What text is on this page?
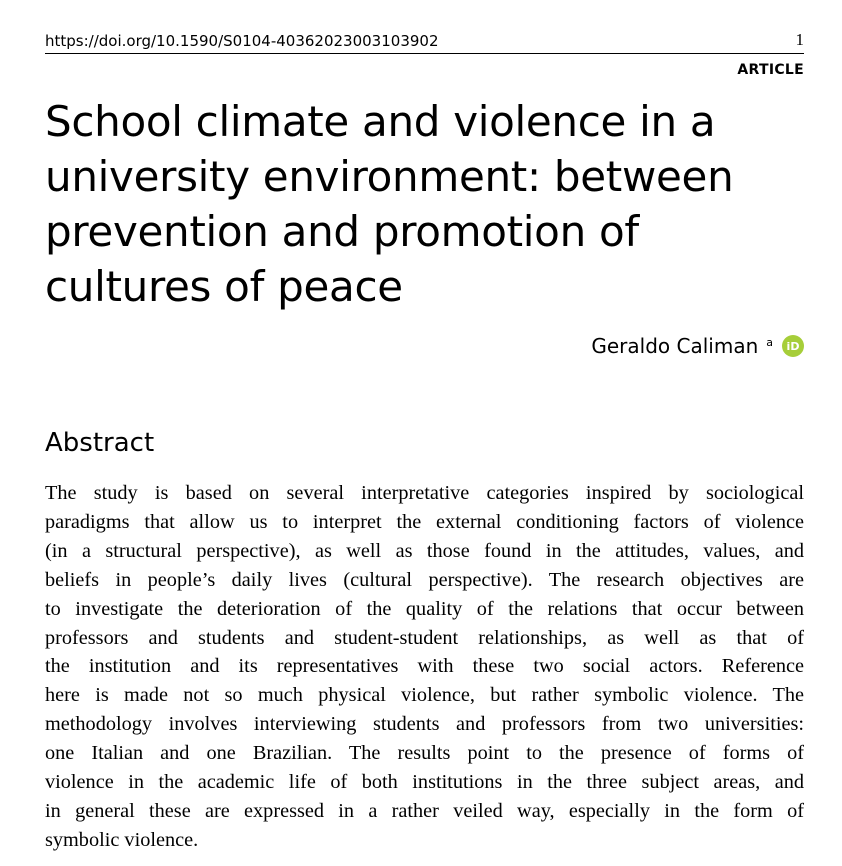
https://doi.org/10.1590/S0104-40362023003103902	1
ARTICLE
School climate and violence in a university environment: between prevention and promotion of cultures of peace
Geraldo Caliman $^a$ iD
Abstract

The study is based on several interpretative categories inspired by sociological
paradigms that allow us to interpret the external conditioning factors of violence
(in a structural perspective), as well as those found in the attitudes, values, and
beliefs in people’s daily lives (cultural perspective). The research objectives are
to investigate the deterioration of the quality of the relations that occur between
professors and students and student-student relationships, as well as that of
the institution and its representatives with these two social actors. Reference
here is made not so much physical violence, but rather symbolic violence. The
methodology involves interviewing students and professors from two universities:
one Italian and one Brazilian. The results point to the presence of forms of
violence in the academic life of both institutions in the three subject areas, and
in general these are expressed in a rather veiled way, especially in the form of
symbolic violence.
